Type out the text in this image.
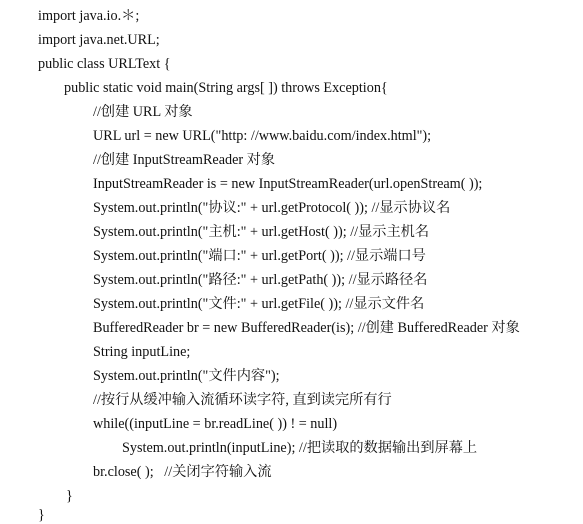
import java.io.＊;
import java.net.URL;
public class URLText {
public static void main(String args[ ]) throws Exception{
//创建 URL 对象
URL url = new URL("http: //www.baidu.com/index.html");
//创建 InputStreamReader 对象
InputStreamReader is = new InputStreamReader(url.openStream( ));
System.out.println("协议:" + url.getProtocol( )); //显示协议名
System.out.println("主机:" + url.getHost( )); //显示主机名
System.out.println("端口:" + url.getPort( )); //显示端口号
System.out.println("路径:" + url.getPath( )); //显示路径名
System.out.println("文件:" + url.getFile( )); //显示文件名
BufferedReader br = new BufferedReader(is); //创建 BufferedReader 对象
String inputLine;
System.out.println("文件内容");
//按行从缓冲输入流循环读字符, 直到读完所有行
while((inputLine = br.readLine( )) ! = null)
System.out.println(inputLine); //把读取的数据输出到屏幕上
br.close( );   //关闭字符输入流
}
}
